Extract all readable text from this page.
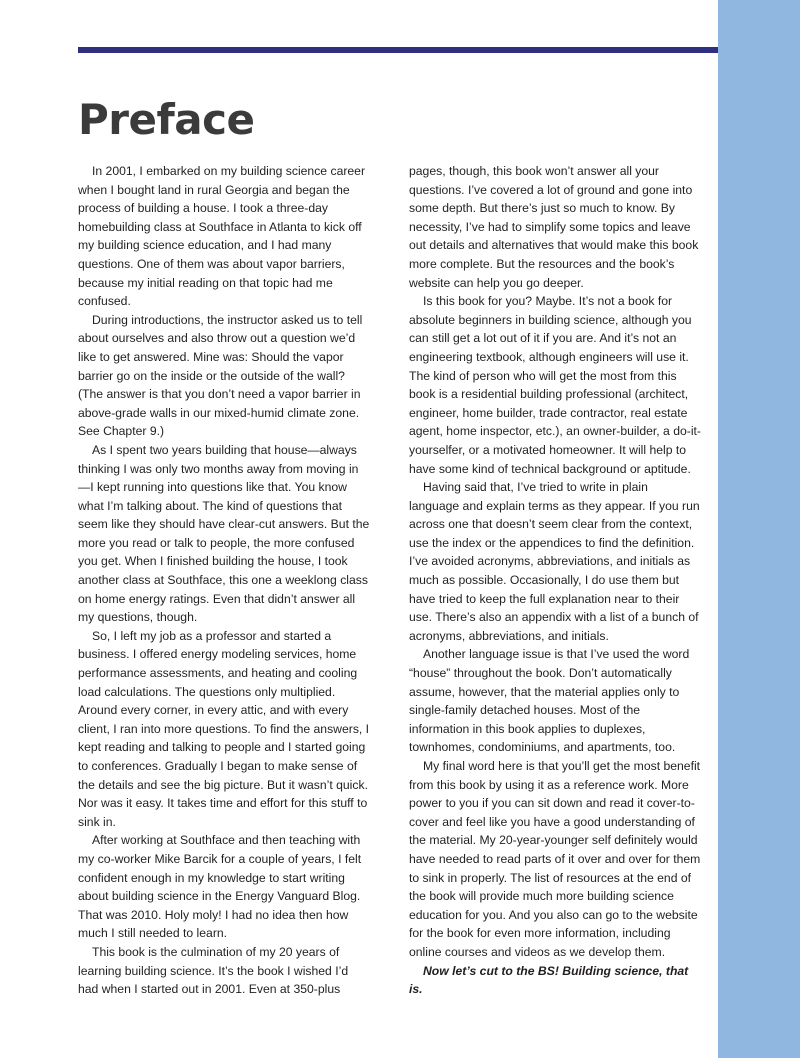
Preface

In 2001, I embarked on my building science career when I bought land in rural Georgia and began the process of building a house. I took a three-day homebuilding class at Southface in Atlanta to kick off my building science education, and I had many questions. One of them was about vapor barriers, because my initial reading on that topic had me confused.

During introductions, the instructor asked us to tell about ourselves and also throw out a question we’d like to get answered. Mine was: Should the vapor barrier go on the inside or the outside of the wall? (The answer is that you don’t need a vapor barrier in above-grade walls in our mixed-humid climate zone. See Chapter 9.)

As I spent two years building that house—always thinking I was only two months away from moving in—I kept running into questions like that. You know what I’m talking about. The kind of questions that seem like they should have clear-cut answers. But the more you read or talk to people, the more confused you get. When I finished building the house, I took another class at Southface, this one a weeklong class on home energy ratings. Even that didn’t answer all my questions, though.

So, I left my job as a professor and started a business. I offered energy modeling services, home performance assessments, and heating and cooling load calculations. The questions only multiplied. Around every corner, in every attic, and with every client, I ran into more questions. To find the answers, I kept reading and talking to people and I started going to conferences. Gradually I began to make sense of the details and see the big picture. But it wasn’t quick. Nor was it easy. It takes time and effort for this stuff to sink in.

After working at Southface and then teaching with my co-worker Mike Barcik for a couple of years, I felt confident enough in my knowledge to start writing about building science in the Energy Vanguard Blog. That was 2010. Holy moly! I had no idea then how much I still needed to learn.

This book is the culmination of my 20 years of learning building science. It’s the book I wished I’d had when I started out in 2001. Even at 350-plus

pages, though, this book won’t answer all your questions. I’ve covered a lot of ground and gone into some depth. But there’s just so much to know. By necessity, I’ve had to simplify some topics and leave out details and alternatives that would make this book more complete. But the resources and the book’s website can help you go deeper.

Is this book for you? Maybe. It’s not a book for absolute beginners in building science, although you can still get a lot out of it if you are. And it’s not an engineering textbook, although engineers will use it. The kind of person who will get the most from this book is a residential building professional (architect, engineer, home builder, trade contractor, real estate agent, home inspector, etc.), an owner-builder, a do-it-yourselfer, or a motivated homeowner. It will help to have some kind of technical background or aptitude.

Having said that, I’ve tried to write in plain language and explain terms as they appear. If you run across one that doesn’t seem clear from the context, use the index or the appendices to find the definition. I’ve avoided acronyms, abbreviations, and initials as much as possible. Occasionally, I do use them but have tried to keep the full explanation near to their use. There’s also an appendix with a list of a bunch of acronyms, abbreviations, and initials.

Another language issue is that I’ve used the word “house” throughout the book. Don’t automatically assume, however, that the material applies only to single-family detached houses. Most of the information in this book applies to duplexes, townhomes, condominiums, and apartments, too.

My final word here is that you’ll get the most benefit from this book by using it as a reference work. More power to you if you can sit down and read it cover-to-cover and feel like you have a good understanding of the material. My 20-year-younger self definitely would have needed to read parts of it over and over for them to sink in properly. The list of resources at the end of the book will provide much more building science education for you. And you also can go to the website for the book for even more information, including online courses and videos as we develop them.

Now let’s cut to the BS! Building science, that is.
